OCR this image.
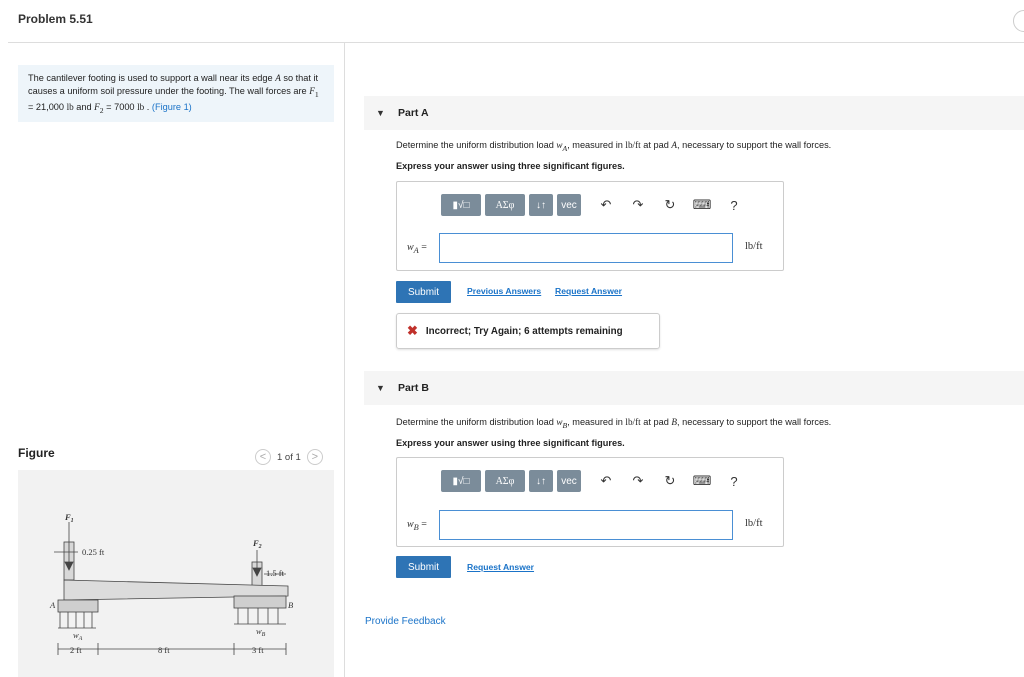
Problem 5.51
The cantilever footing is used to support a wall near its edge A so that it causes a uniform soil pressure under the footing. The wall forces are $F_1 = 21,000$ lb and $F_2 = 7000$ lb . (Figure 1)
Figure	<	1 of 1 >
$F_1$
$F_2$
0.25 ft
1.5 ft
A	B
$w_A$
$w_B$
2 ft	8 ft	3 ft
▼ Part A
Determine the uniform distribution load $w_A$, measured in lb/ft at pad A, necessary to support the wall forces.
Express your answer using three significant figures.
▮√□	ΑΣφ	↓↑	vec	↶	↷	↻	⌨	?
$w_A$ =	lb/ft
Submit	Previous Answers Request Answer
✖ Incorrect; Try Again; 6 attempts remaining
▼ Part B
Determine the uniform distribution load $w_B$, measured in lb/ft at pad B, necessary to support the wall forces.
Express your answer using three significant figures.
▮√□	ΑΣφ	↓↑	vec	↶	↷	↻	⌨	?
$w_B$ =	lb/ft
Submit	Request Answer
Provide Feedback
